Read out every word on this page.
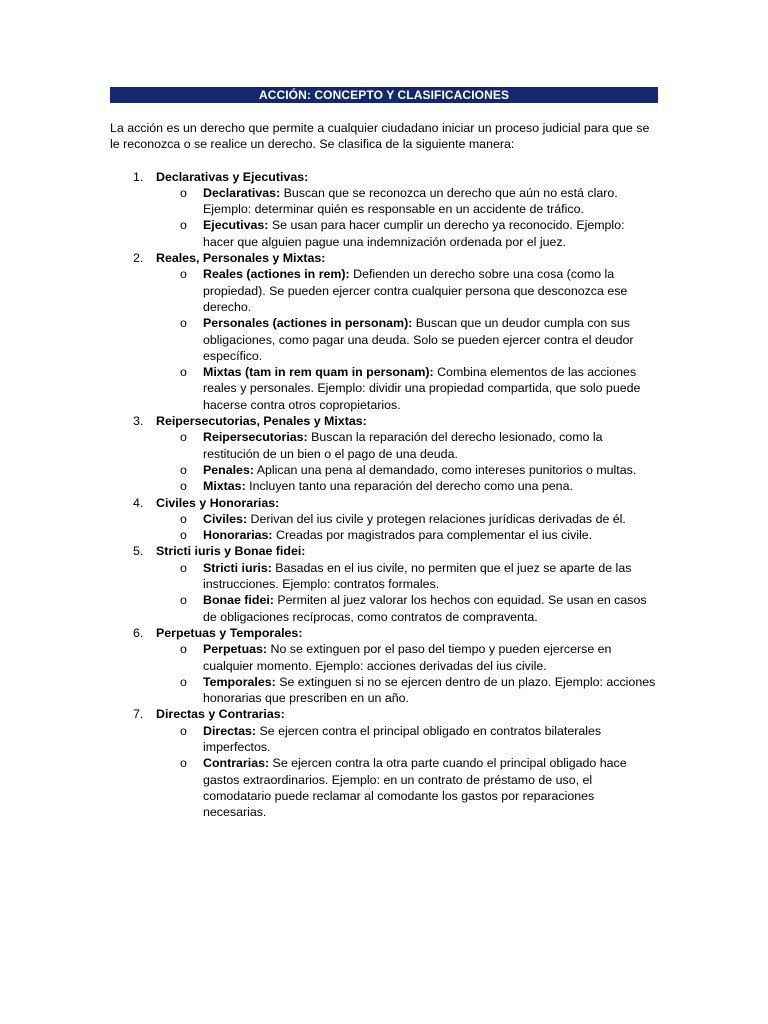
ACCIÓN: CONCEPTO Y CLASIFICACIONES

La acción es un derecho que permite a cualquier ciudadano iniciar un proceso judicial para que se le reconozca o se realice un derecho. Se clasifica de la siguiente manera:

1. Declarativas y Ejecutivas:
o Declarativas: Buscan que se reconozca un derecho que aún no está claro. Ejemplo: determinar quién es responsable en un accidente de tráfico.
o Ejecutivas: Se usan para hacer cumplir un derecho ya reconocido. Ejemplo: hacer que alguien pague una indemnización ordenada por el juez.
2. Reales, Personales y Mixtas:
o Reales (actiones in rem): Defienden un derecho sobre una cosa (como la propiedad). Se pueden ejercer contra cualquier persona que desconozca ese derecho.
o Personales (actiones in personam): Buscan que un deudor cumpla con sus obligaciones, como pagar una deuda. Solo se pueden ejercer contra el deudor específico.
o Mixtas (tam in rem quam in personam): Combina elementos de las acciones reales y personales. Ejemplo: dividir una propiedad compartida, que solo puede hacerse contra otros copropietarios.
3. Reipersecutorias, Penales y Mixtas:
o Reipersecutorias: Buscan la reparación del derecho lesionado, como la restitución de un bien o el pago de una deuda.
o Penales: Aplican una pena al demandado, como intereses punitorios o multas.
o Mixtas: Incluyen tanto una reparación del derecho como una pena.
4. Civiles y Honorarias:
o Civiles: Derivan del ius civile y protegen relaciones jurídicas derivadas de él.
o Honorarias: Creadas por magistrados para complementar el ius civile.
5. Stricti iuris y Bonae fidei:
o Stricti iuris: Basadas en el ius civile, no permiten que el juez se aparte de las instrucciones. Ejemplo: contratos formales.
o Bonae fidei: Permiten al juez valorar los hechos con equidad. Se usan en casos de obligaciones recíprocas, como contratos de compraventa.
6. Perpetuas y Temporales:
o Perpetuas: No se extinguen por el paso del tiempo y pueden ejercerse en cualquier momento. Ejemplo: acciones derivadas del ius civile.
o Temporales: Se extinguen si no se ejercen dentro de un plazo. Ejemplo: acciones honorarias que prescriben en un año.
7. Directas y Contrarias:
o Directas: Se ejercen contra el principal obligado en contratos bilaterales imperfectos.
o Contrarias: Se ejercen contra la otra parte cuando el principal obligado hace gastos extraordinarios. Ejemplo: en un contrato de préstamo de uso, el comodatario puede reclamar al comodante los gastos por reparaciones necesarias.
